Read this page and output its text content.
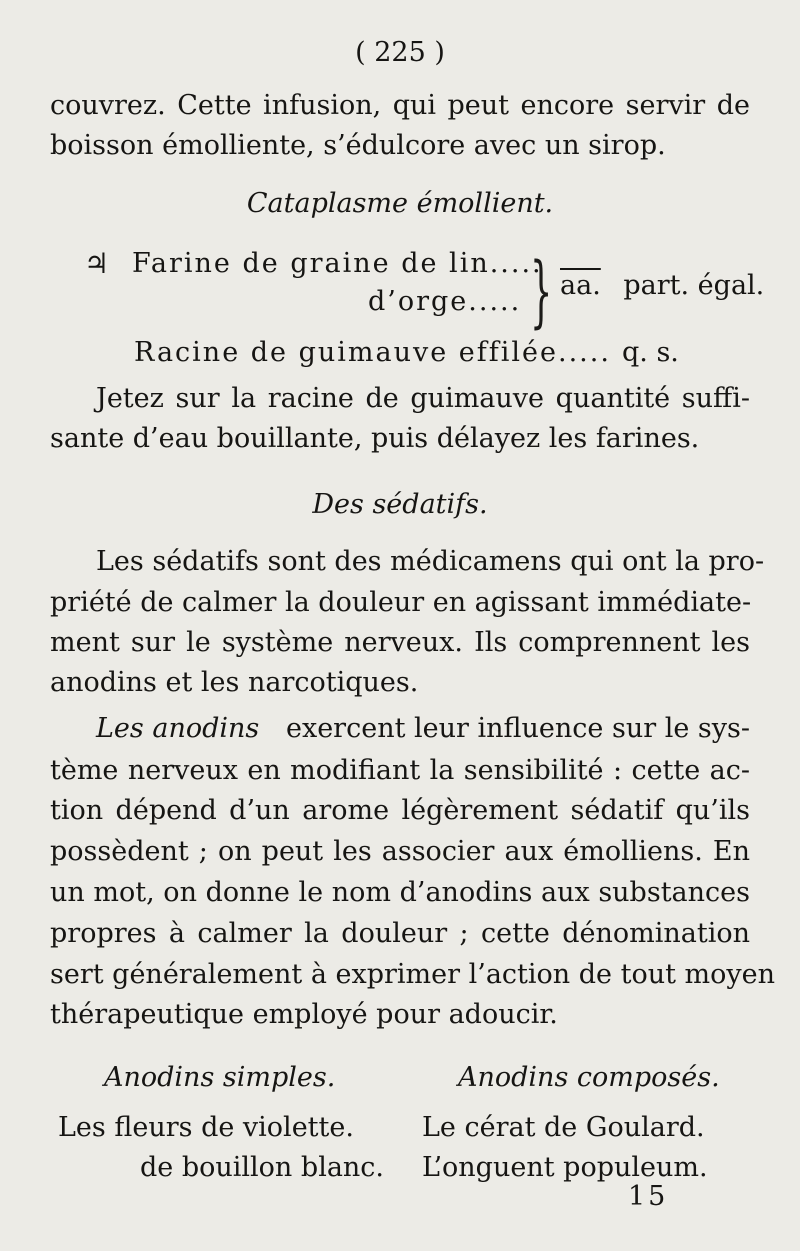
( 225 )
couvrez. Cette infusion, qui peut encore servir de
boisson émolliente, s’édulcore avec un sirop.
Cataplasme émollient.
♃ Farine de graine de lin.....
d’orge..... } aa. part. égal.
Racine de guimauve effilée..... q. s.
Jetez sur la racine de guimauve quantité suffi-
sante d’eau bouillante, puis délayez les farines.
Des sédatifs.
Les sédatifs sont des médicamens qui ont la pro-
priété de calmer la douleur en agissant immédiate-
ment sur le système nerveux. Ils comprennent les
anodins et les narcotiques.
Les anodins exercent leur influence sur le sys-
tème nerveux en modifiant la sensibilité : cette ac-
tion dépend d’un arome légèrement sédatif qu’ils
possèdent ; on peut les associer aux émolliens. En
un mot, on donne le nom d’anodins aux substances
propres à calmer la douleur ; cette dénomination
sert généralement à exprimer l’action de tout moyen
thérapeutique employé pour adoucir.
Anodins simples.	Anodins composés.
Les fleurs de violette.
de bouillon blanc.
Le cérat de Goulard.
L’onguent populeum.
15
